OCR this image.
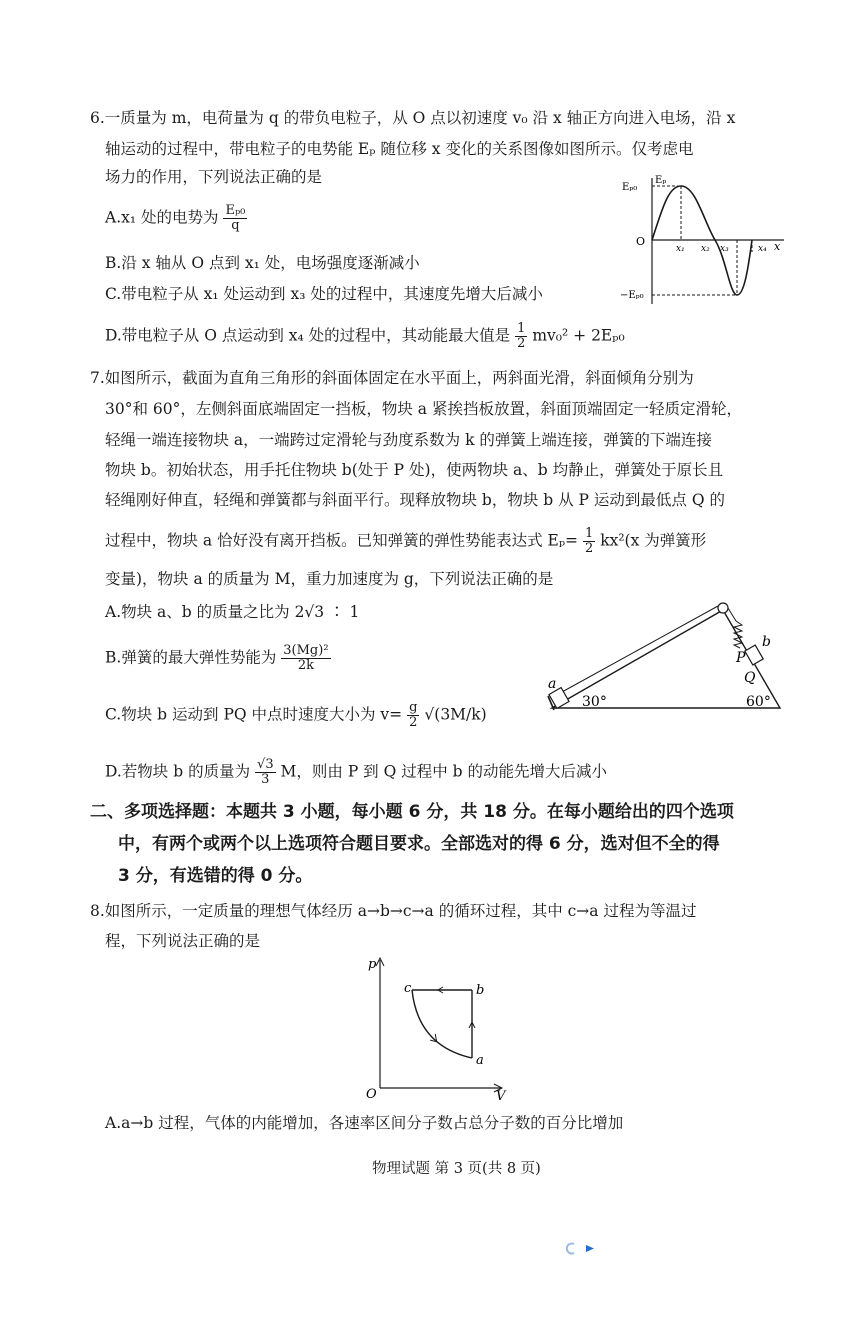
6.一质量为 m，电荷量为 q 的带负电粒子，从 O 点以初速度 v₀ 沿 x 轴正方向进入电场，沿 x
轴运动的过程中，带电粒子的电势能 Eₚ 随位移 x 变化的关系图像如图所示。仅考虑电
场力的作用，下列说法正确的是
A.x₁ 处的电势为 $\frac{\text{Eₚ₀}}{q}$
B.沿 x 轴从 O 点到 x₁ 处，电场强度逐渐减小
C.带电粒子从 x₁ 处运动到 x₃ 处的过程中，其速度先增大后减小
D.带电粒子从 O 点运动到 x₄ 处的过程中，其动能最大值是 $\frac{1}{2} mv_0^2 + 2E_{p0}$
Eₚ₀
Eₚ
O	x
−Eₚ₀
x₁ x₂ x₃	x₄
7.如图所示，截面为直角三角形的斜面体固定在水平面上，两斜面光滑，斜面倾角分别为
30°和 60°，左侧斜面底端固定一挡板，物块 a 紧挨挡板放置，斜面顶端固定一轻质定滑轮，
轻绳一端连接物块 a，一端跨过定滑轮与劲度系数为 k 的弹簧上端连接，弹簧的下端连接
物块 b。初始状态，用手托住物块 b(处于 P 处)，使两物块 a、b 均静止，弹簧处于原长且
轻绳刚好伸直，轻绳和弹簧都与斜面平行。现释放物块 b，物块 b 从 P 运动到最低点 Q 的
过程中，物块 a 恰好没有离开挡板。已知弹簧的弹性势能表达式 $E_p= \frac{1}{2} kx^2(x$ 为弹簧形
变量)，物块 a 的质量为 M，重力加速度为 g，下列说法正确的是
A.物块 a、b 的质量之比为 2√3 ∶ 1
B.弹簧的最大弹性势能为 $\frac{\text{3(Mg)²}}{2k}$
C.物块 b 运动到 PQ 中点时速度大小为 $v= \frac{g}{2} √(3M/k)$
D.若物块 b 的质量为 $\frac{√3}{3}$ M，则由 P 到 Q 过程中 b 的动能先增大后减小
a
b
P
Q
30°	60°
二、多项选择题：本题共 3 小题，每小题 6 分，共 18 分。在每小题给出的四个选项
中，有两个或两个以上选项符合题目要求。全部选对的得 6 分，选对但不全的得
3 分，有选错的得 0 分。
8.如图所示，一定质量的理想气体经历 a→b→c→a 的循环过程，其中 c→a 过程为等温过
程，下列说法正确的是
p
V
O
c	b
a
A.a→b 过程，气体的内能增加，各速率区间分子数占总分子数的百分比增加
物理试题 第 3 页(共 8 页)
